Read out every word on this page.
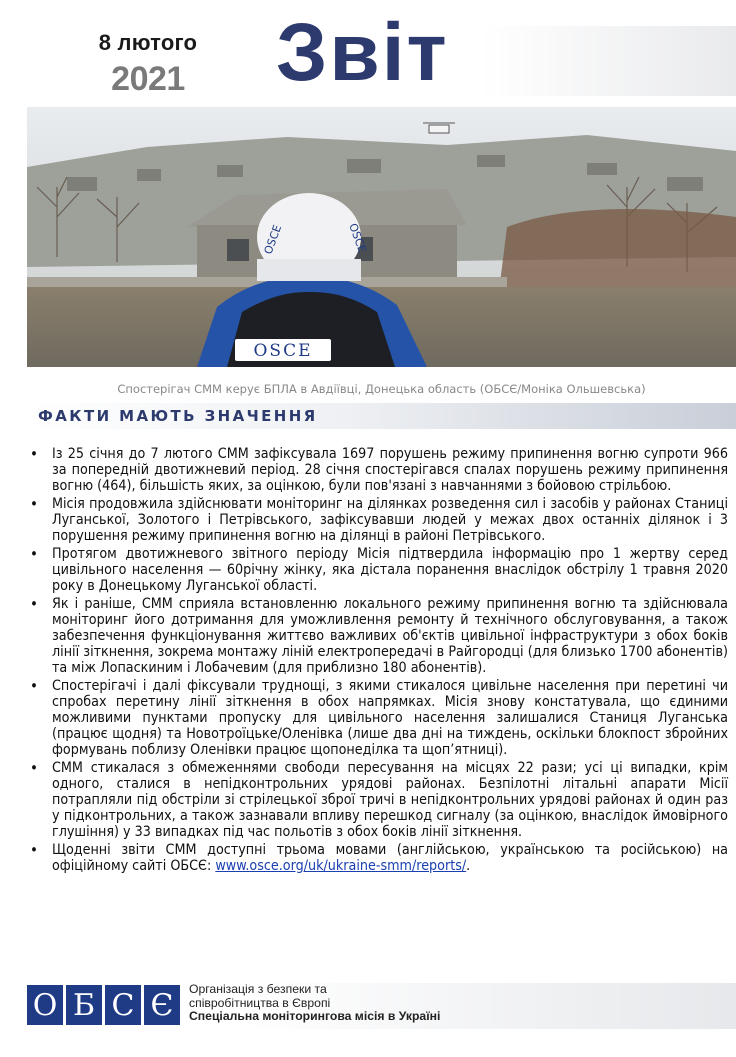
8 лютого
2021	Звіт
OSCE
OSCE	OSCE
Спостерігач СММ керує БПЛА в Авдіївці, Донецька область (ОБСЄ/Моніка Ольшевська)
ФАКТИ МАЮТЬ ЗНАЧЕННЯ
• Із 25 січня до 7 лютого СММ зафіксувала 1697 порушень режиму припинення вогню супроти 966 за попередній двотижневий період. 28 січня спостерігався спалах порушень режиму припинення вогню (464), більшість яких, за оцінкою, були пов'язані з навчаннями з бойовою стрільбою.
• Місія продовжила здійснювати моніторинг на ділянках розведення сил і засобів у районах Станиці Луганської, Золотого і Петрівського, зафіксувавши людей у межах двох останніх ділянок і 3 порушення режиму припинення вогню на ділянці в районі Петрівського.
• Протягом двотижневого звітного періоду Місія підтвердила інформацію про 1 жертву серед цивільного населення — 60річну жінку, яка дістала поранення внаслідок обстрілу 1 травня 2020 року в Донецькому Луганської області.
• Як і раніше, СММ сприяла встановленню локального режиму припинення вогню та здійснювала моніторинг його дотримання для уможливлення ремонту й технічного обслуговування, а також забезпечення функціонування життєво важливих об'єктів цивільної інфраструктури з обох боків лінії зіткнення, зокрема монтажу ліній електропередачі в Райгородці (для близько 1700 абонентів) та між Лопаскиним і Лобачевим (для приблизно 180 абонентів).
• Спостерігачі і далі фіксували труднощі, з якими стикалося цивільне населення при перетині чи спробах перетину лінії зіткнення в обох напрямках. Місія знову констатувала, що єдиними можливими пунктами пропуску для цивільного населення залишалися Станиця Луганська (працює щодня) та Новотроїцьке/Оленівка (лише два дні на тиждень, оскільки блокпост збройних формувань поблизу Оленівки працює щопонеділка та щоп’ятниці).
• СММ стикалася з обмеженнями свободи пересування на місцях 22 рази; усі ці випадки, крім одного, сталися в непідконтрольних урядові районах. Безпілотні літальні апарати Місії потрапляли під обстріли зі стрілецької зброї тричі в непідконтрольних урядові районах й один раз у підконтрольних, а також зазнавали впливу перешкод сигналу (за оцінкою, внаслідок ймовірного глушіння) у 33 випадках під час польотів з обох боків лінії зіткнення.
• Щоденні звіти СММ доступні трьома мовами (англійською, українською та російською) на офіційному сайті ОБСЄ: www.osce.org/uk/ukraine-smm/reports/.
О Б С Є	Організація з безпеки та
співробітництва в Європі
Спеціальна моніторингова місія в Україні
